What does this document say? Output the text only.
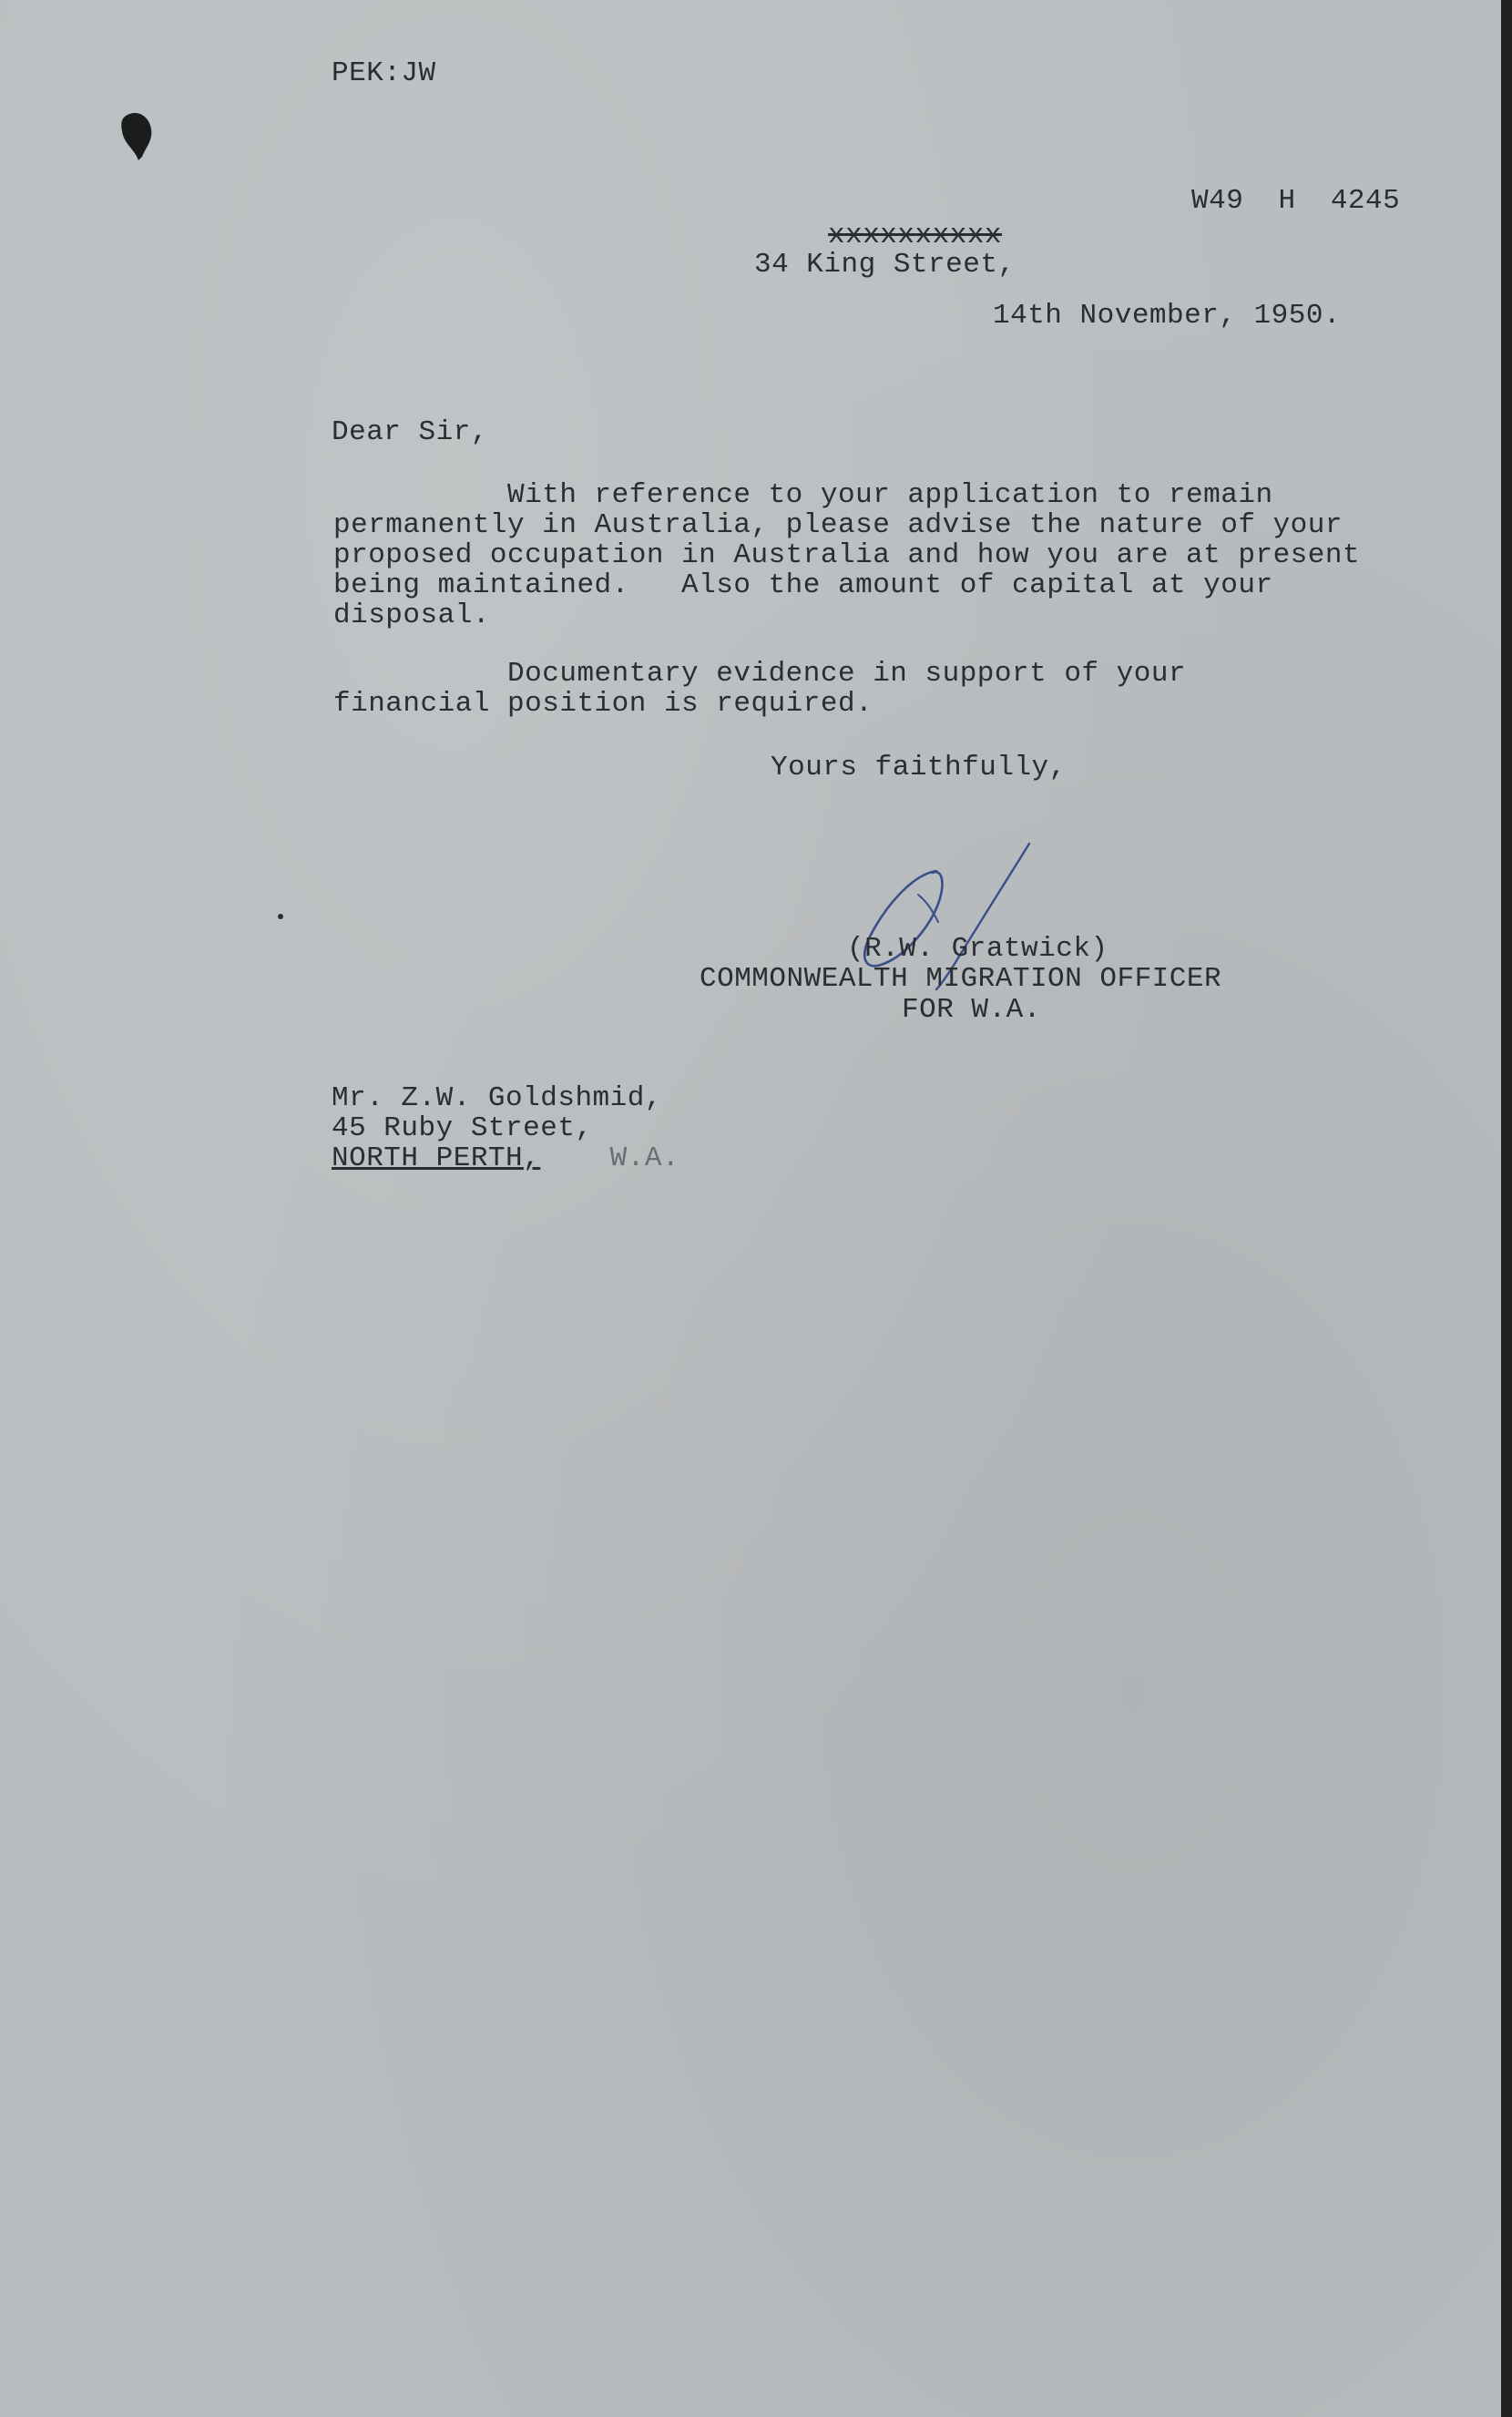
PEK:JW

W49  H  4245

xxxxxxxxxx

34 King Street,

14th November, 1950.

Dear Sir,

With reference to your application to remain
permanently in Australia, please advise the nature of your
proposed occupation in Australia and how you are at present
being maintained.   Also the amount of capital at your
disposal.

Documentary evidence in support of your
financial position is required.

Yours faithfully,

(R.W. Gratwick)

COMMONWEALTH MIGRATION OFFICER

FOR W.A.

Mr. Z.W. Goldshmid,
45 Ruby Street,
NORTH PERTH, W.A.
